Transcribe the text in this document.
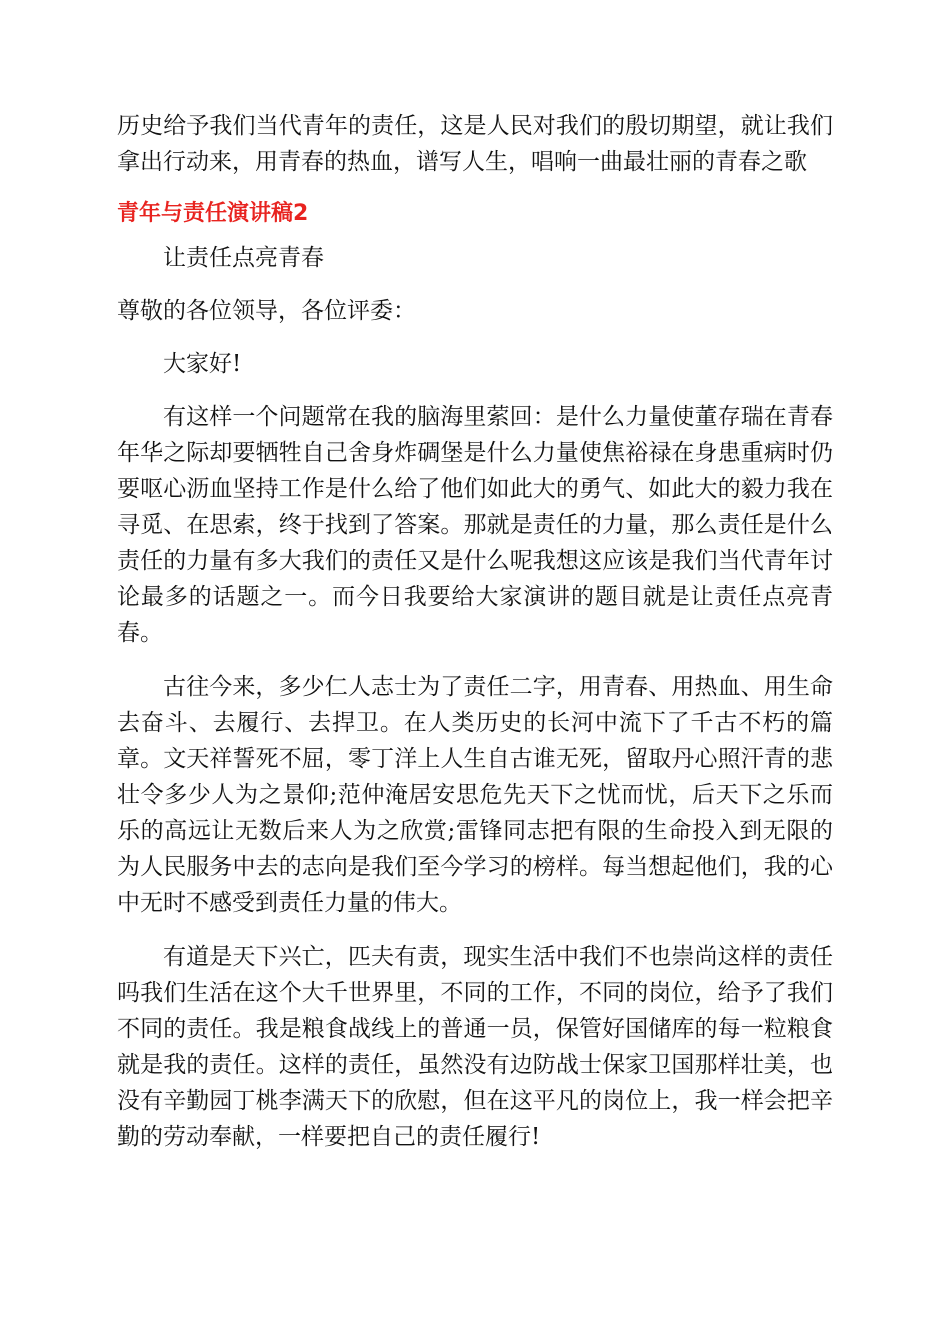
历史给予我们当代青年的责任，这是人民对我们的殷切期望，就让我们拿出行动来，用青春的热血，谱写人生，唱响一曲最壮丽的青春之歌

青年与责任演讲稿2

让责任点亮青春

尊敬的各位领导，各位评委：

大家好!

有这样一个问题常在我的脑海里萦回：是什么力量使董存瑞在青春年华之际却要牺牲自己舍身炸碉堡是什么力量使焦裕禄在身患重病时仍要呕心沥血坚持工作是什么给了他们如此大的勇气、如此大的毅力我在寻觅、在思索，终于找到了答案。那就是责任的力量，那么责任是什么责任的力量有多大我们的责任又是什么呢我想这应该是我们当代青年讨论最多的话题之一。而今日我要给大家演讲的题目就是让责任点亮青春。

古往今来，多少仁人志士为了责任二字，用青春、用热血、用生命去奋斗、去履行、去捍卫。在人类历史的长河中流下了千古不朽的篇章。文天祥誓死不屈，零丁洋上人生自古谁无死，留取丹心照汗青的悲壮令多少人为之景仰;范仲淹居安思危先天下之忧而忧，后天下之乐而乐的高远让无数后来人为之欣赏;雷锋同志把有限的生命投入到无限的为人民服务中去的志向是我们至今学习的榜样。每当想起他们，我的心中无时不感受到责任力量的伟大。

有道是天下兴亡，匹夫有责，现实生活中我们不也崇尚这样的责任吗我们生活在这个大千世界里，不同的工作，不同的岗位，给予了我们不同的责任。我是粮食战线上的普通一员，保管好国储库的每一粒粮食就是我的责任。这样的责任，虽然没有边防战士保家卫国那样壮美，也没有辛勤园丁桃李满天下的欣慰，但在这平凡的岗位上，我一样会把辛勤的劳动奉献，一样要把自己的责任履行!
